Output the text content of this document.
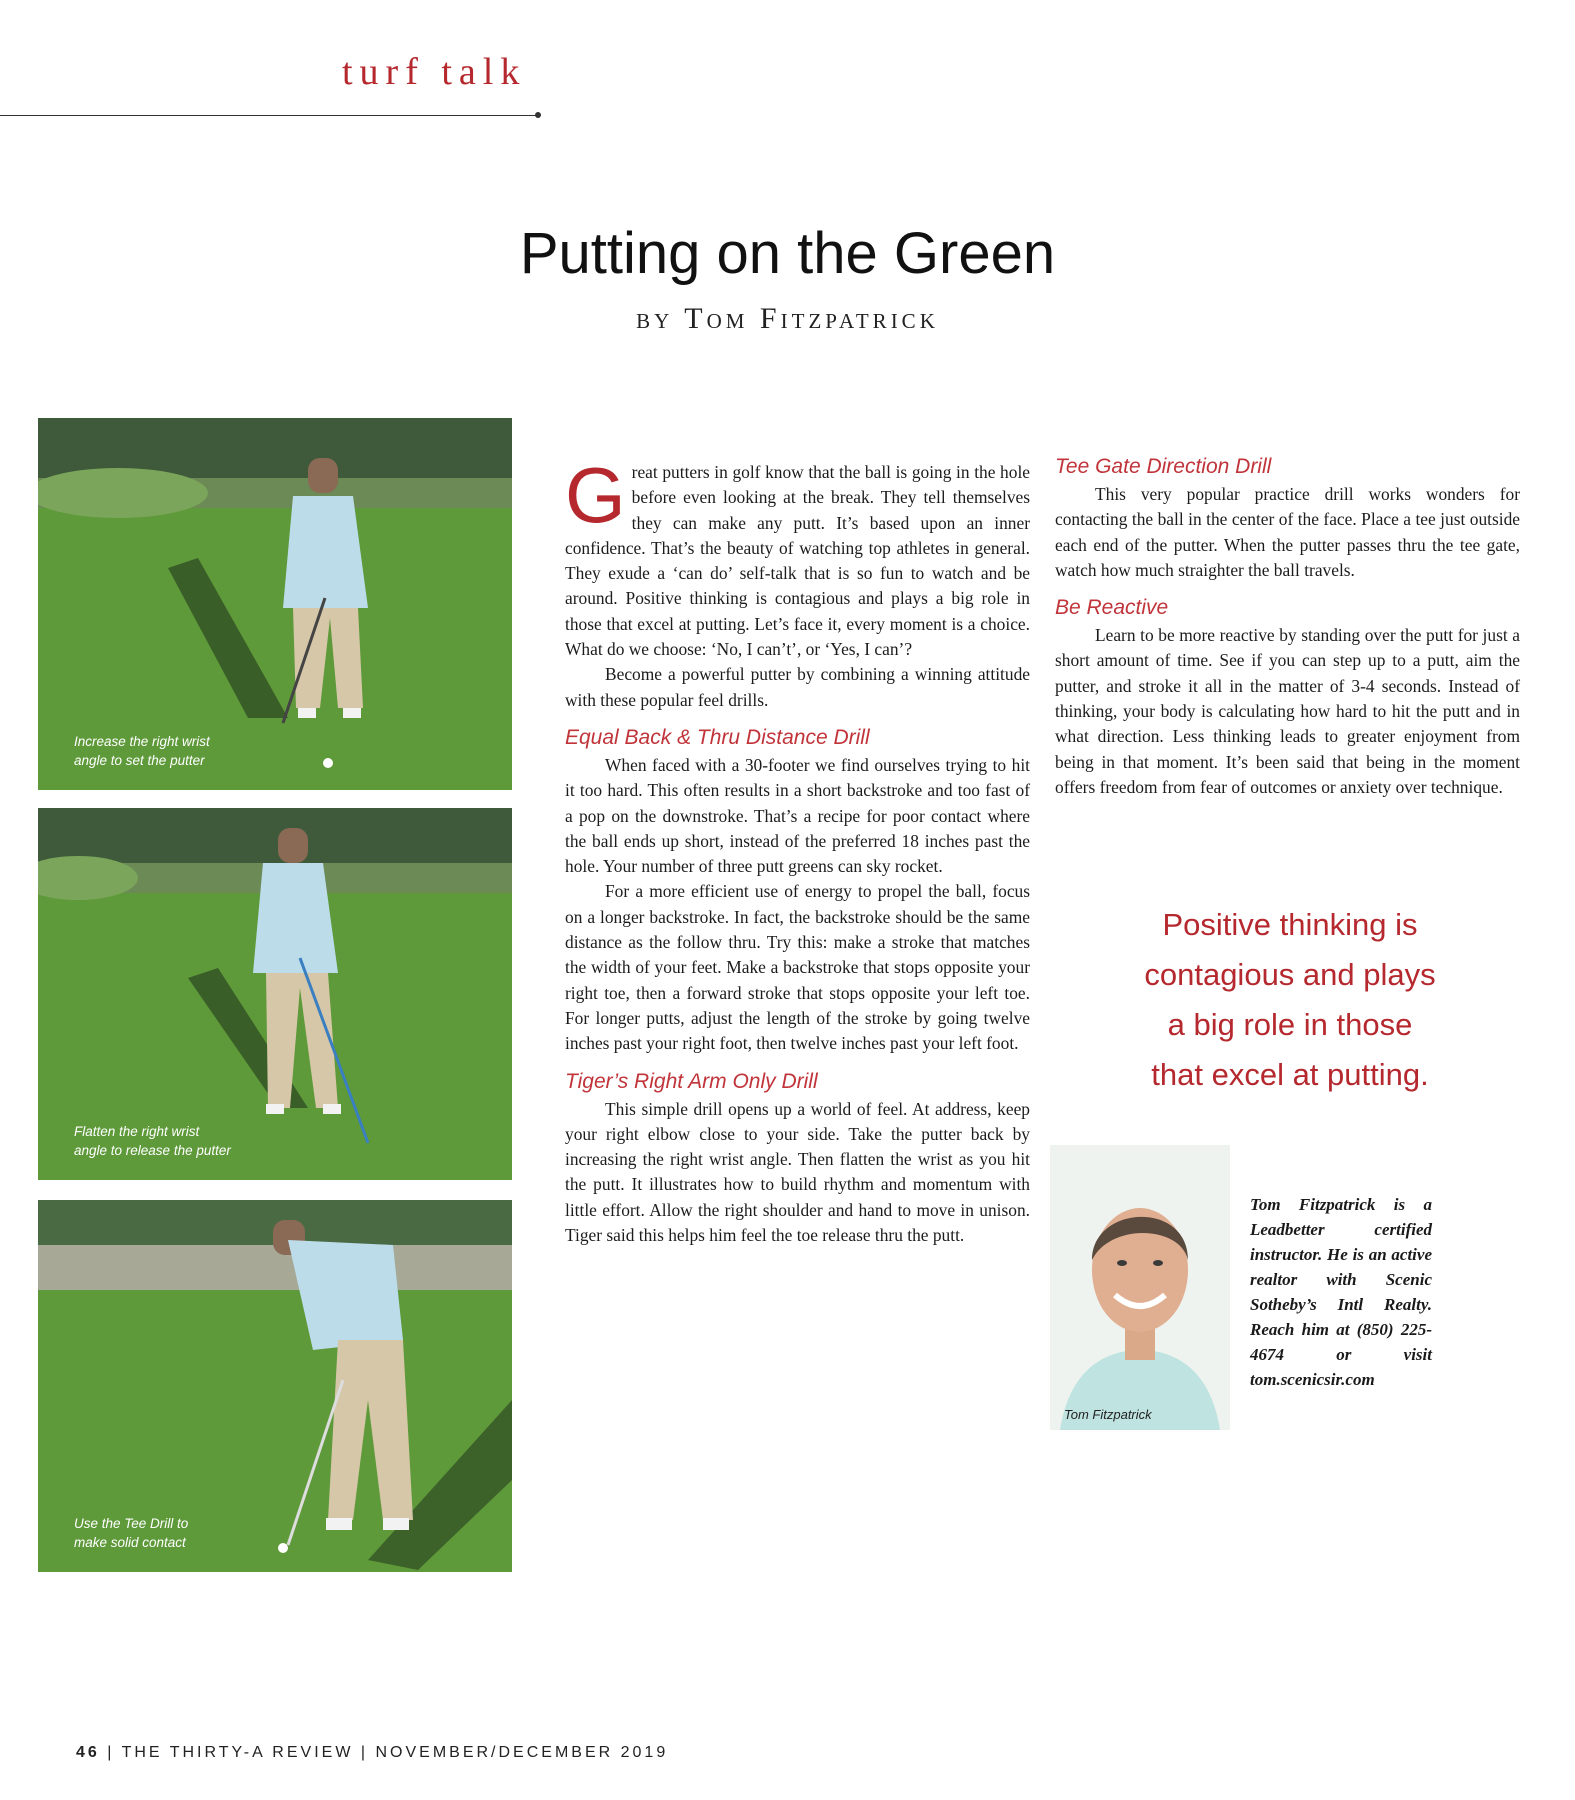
turf talk
Putting on the Green
by Tom Fitzpatrick
Increase the right wrist
angle to set the putter
Flatten the right wrist
angle to release the putter
Use the Tee Drill to
make solid contact

Great putters in golf know that the ball is going in the hole before even looking at the break. They tell themselves they can make any putt. It’s based upon an inner confidence. That’s the beauty of watching top athletes in general. They exude a ‘can do’ self-talk that is so fun to watch and be around. Positive thinking is contagious and plays a big role in those that excel at putting. Let’s face it, every moment is a choice. What do we choose: ‘No, I can’t’, or ‘Yes, I can’?

Become a powerful putter by combining a winning attitude with these popular feel drills.

Equal Back & Thru Distance Drill

When faced with a 30-footer we find ourselves trying to hit it too hard. This often results in a short backstroke and too fast of a pop on the downstroke. That’s a recipe for poor contact where the ball ends up short, instead of the preferred 18 inches past the hole. Your number of three putt greens can sky rocket.

For a more efficient use of energy to propel the ball, focus on a longer backstroke. In fact, the backstroke should be the same distance as the follow thru. Try this: make a stroke that matches the width of your feet. Make a backstroke that stops opposite your right toe, then a forward stroke that stops opposite your left toe. For longer putts, adjust the length of the stroke by going twelve inches past your right foot, then twelve inches past your left foot.

Tiger’s Right Arm Only Drill

This simple drill opens up a world of feel. At address, keep your right elbow close to your side. Take the putter back by increasing the right wrist angle. Then flatten the wrist as you hit the putt. It illustrates how to build rhythm and momentum with little effort. Allow the right shoulder and hand to move in unison. Tiger said this helps him feel the toe release thru the putt.

Tee Gate Direction Drill

This very popular practice drill works wonders for contacting the ball in the center of the face. Place a tee just outside each end of the putter. When the putter passes thru the tee gate, watch how much straighter the ball travels.

Be Reactive

Learn to be more reactive by standing over the putt for just a short amount of time. See if you can step up to a putt, aim the putter, and stroke it all in the matter of 3-4 seconds. Instead of thinking, your body is calculating how hard to hit the putt and in what direction. Less thinking leads to greater enjoyment from being in that moment. It’s been said that being in the moment offers freedom from fear of outcomes or anxiety over technique.

Positive thinking is
contagious and plays
a big role in those
that excel at putting.
Tom Fitzpatrick
Tom Fitzpatrick is a Leadbetter certified instructor. He is an active realtor with Scenic Sotheby’s Intl Realty. Reach him at (850) 225-4674 or visit tom.scenicsir.com
46 | THE THIRTY-A REVIEW | NOVEMBER/DECEMBER 2019
